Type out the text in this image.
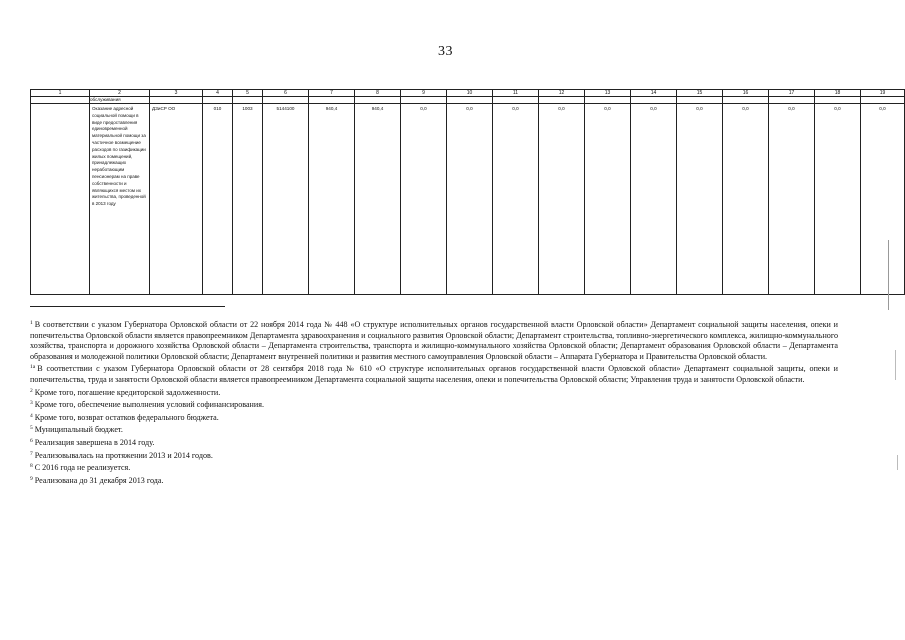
33
1	2	3	4	5	6	7	8	9	10	11	12	13	14	15	16	17	18	19
	обслуживания																	
	Оказание адресной социальной помощи в виде предоставления единовременной материальной помощи за частичное возмещение расходов по газификации жилых помещений, принадлежащих неработающим пенсионерам на праве собственности и являющихся местом их жительства, проведенной в 2013 году	ДЗиСР ОО	010	1003	5144100	940,4	940,4	0,0	0,0	0,0	0,0	0,0	0,0	0,0	0,0	0,0	0,0	0,0

$^1$ В соответствии с указом Губернатора Орловской области от 22 ноября 2014 года № 448 «О структуре исполнительных органов государственной власти Орловской области» Департамент социальной защиты населения, опеки и попечительства Орловской области является правопреемником Департамента здравоохранения и социального развития Орловской области; Департамент строительства, топливно-энергетического комплекса, жилищно-коммунального хозяйства, транспорта и дорожного хозяйства Орловской области – Департамента строительства, транспорта и жилищно-коммунального хозяйства Орловской области; Департамент образования Орловской области – Департамента образования и молодежной политики Орловской области; Департамент внутренней политики и развития местного самоуправления Орловской области – Аппарата Губернатора и Правительства Орловской области.

$^{1a}$ В соответствии с указом Губернатора Орловской области от 28 сентября 2018 года № 610 «О структуре исполнительных органов государственной власти Орловской области» Департамент социальной защиты, опеки и попечительства, труда и занятости Орловской области является правопреемником Департамента социальной защиты населения, опеки и попечительства Орловской области; Управления труда и занятости Орловской области.

$^2$ Кроме того, погашение кредиторской задолженности.

$^3$ Кроме того, обеспечение выполнения условий софинансирования.

$^4$ Кроме того, возврат остатков федерального бюджета.

$^5$ Муниципальный бюджет.

$^6$ Реализация завершена в 2014 году.

$^7$ Реализовывалась на протяжении 2013 и 2014 годов.

$^8$ С 2016 года не реализуется.

$^9$ Реализована до 31 декабря 2013 года.
